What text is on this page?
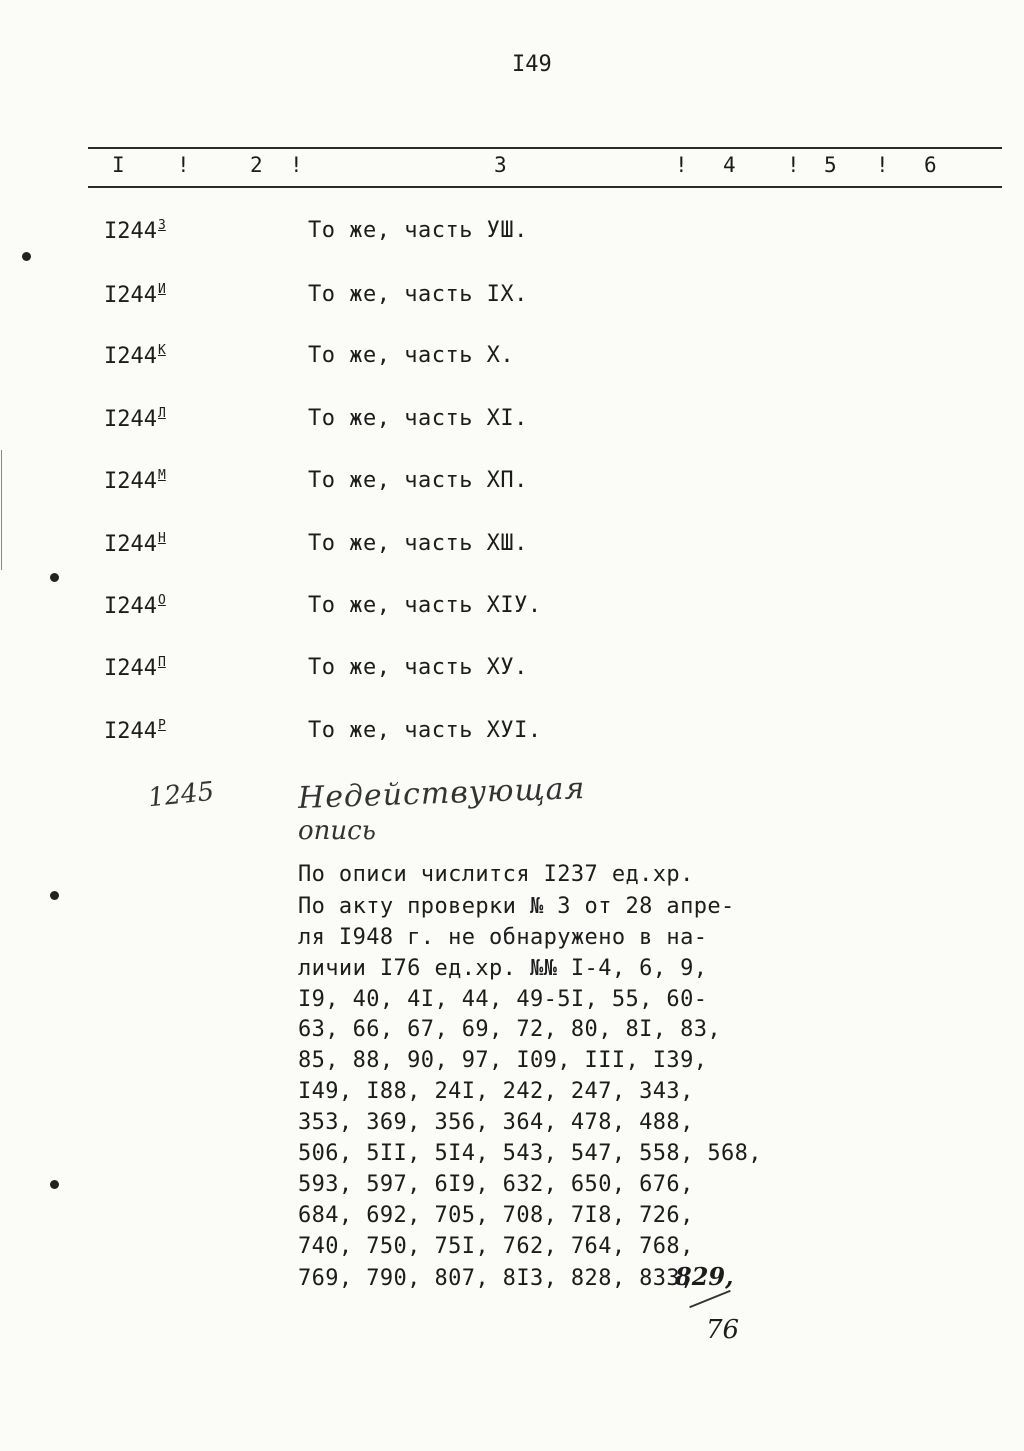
I49
I !	2 !	3	! 4 ! 5 ! 6
$I244^З$	То же, часть УШ.
$I244^И$	То же, часть IX.
$I244^К$	То же, часть Х.
$I244^Л$	То же, часть XI.
$I244^М$	То же, часть ХП.
$I244^Н$	То же, часть ХШ.
$I244^О$	То же, часть ХIУ.
$I244^П$	То же, часть ХУ.
$I244^Р$	То же, часть ХУI.
1245	Недействующая
опись
По описи числится I237 ед.хр.
По акту проверки № 3 от 28 апре-
ля I948 г. не обнаружено в на-
личии I76 ед.хр. №№ I-4, 6, 9,
I9, 40, 4I, 44, 49-5I, 55, 60-
63, 66, 67, 69, 72, 80, 8I, 83,
85, 88, 90, 97, I09, III, I39,
I49, I88, 24I, 242, 247, 343,
353, 369, 356, 364, 478, 488,
506, 5II, 5I4, 543, 547, 558, 568,
593, 597, 6I9, 632, 650, 676,
684, 692, 705, 708, 7I8, 726,
740, 750, 75I, 762, 764, 768,
769, 790, 807, 8I3, 828, 833,
829,
76
